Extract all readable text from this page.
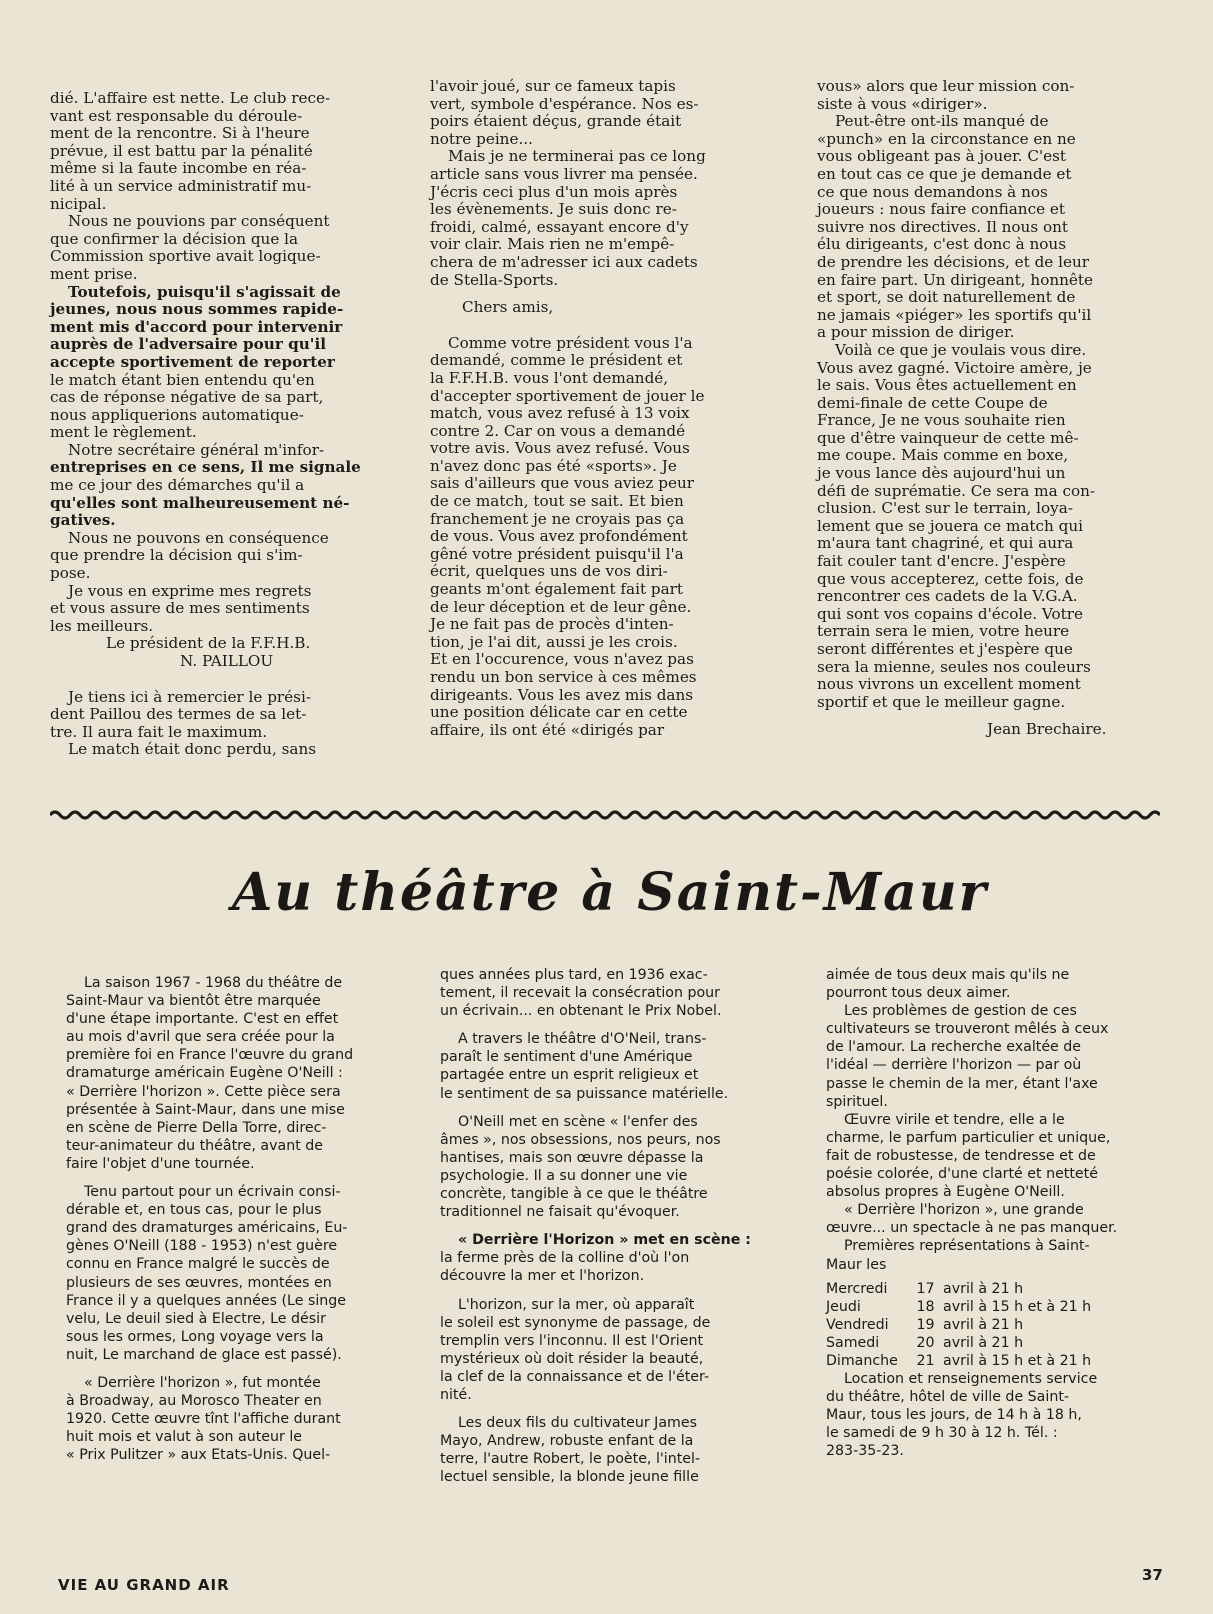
dié. L'affaire est nette. Le club rece-
vant est responsable du déroule-
ment de la rencontre. Si à l'heure
prévue, il est battu par la pénalité
même si la faute incombe en réa-
lité à un service administratif mu-
nicipal.
Nous ne pouvions par conséquent
que confirmer la décision que la
Commission sportive avait logique-
ment prise.
Toutefois, puisqu'il s'agissait de
jeunes, nous nous sommes rapide-
ment mis d'accord pour intervenir
auprès de l'adversaire pour qu'il
accepte sportivement de reporter
le match étant bien entendu qu'en
cas de réponse négative de sa part,
nous appliquerions automatique-
ment le règlement.
Notre secrétaire général m'infor-
entreprises en ce sens, Il me signale
me ce jour des démarches qu'il a
qu'elles sont malheureusement né-
gatives.
Nous ne pouvons en conséquence
que prendre la décision qui s'im-
pose.
Je vous en exprime mes regrets
et vous assure de mes sentiments
les meilleurs.
Le président de la F.F.H.B.
N. PAILLOU
Je tiens ici à remercier le prési-
dent Paillou des termes de sa let-
tre. Il aura fait le maximum.
Le match était donc perdu, sans
l'avoir joué, sur ce fameux tapis
vert, symbole d'espérance. Nos es-
poirs étaient déçus, grande était
notre peine...
Mais je ne terminerai pas ce long
article sans vous livrer ma pensée.
J'écris ceci plus d'un mois après
les évènements. Je suis donc re-
froidi, calmé, essayant encore d'y
voir clair. Mais rien ne m'empê-
chera de m'adresser ici aux cadets
de Stella-Sports.
Chers amis,
Comme votre président vous l'a
demandé, comme le président et
la F.F.H.B. vous l'ont demandé,
d'accepter sportivement de jouer le
match, vous avez refusé à 13 voix
contre 2. Car on vous a demandé
votre avis. Vous avez refusé. Vous
n'avez donc pas été «sports». Je
sais d'ailleurs que vous aviez peur
de ce match, tout se sait. Et bien
franchement je ne croyais pas ça
de vous. Vous avez profondément
gêné votre président puisqu'il l'a
écrit, quelques uns de vos diri-
geants m'ont également fait part
de leur déception et de leur gêne.
Je ne fait pas de procès d'inten-
tion, je l'ai dit, aussi je les crois.
Et en l'occurence, vous n'avez pas
rendu un bon service à ces mêmes
dirigeants. Vous les avez mis dans
une position délicate car en cette
affaire, ils ont été «dirigés par
vous» alors que leur mission con-
siste à vous «diriger».
Peut-être ont-ils manqué de
«punch» en la circonstance en ne
vous obligeant pas à jouer. C'est
en tout cas ce que je demande et
ce que nous demandons à nos
joueurs : nous faire confiance et
suivre nos directives. Il nous ont
élu dirigeants, c'est donc à nous
de prendre les décisions, et de leur
en faire part. Un dirigeant, honnête
et sport, se doit naturellement de
ne jamais «piéger» les sportifs qu'il
a pour mission de diriger.
Voilà ce que je voulais vous dire.
Vous avez gagné. Victoire amère, je
le sais. Vous êtes actuellement en
demi-finale de cette Coupe de
France, Je ne vous souhaite rien
que d'être vainqueur de cette mê-
me coupe. Mais comme en boxe,
je vous lance dès aujourd'hui un
défi de suprématie. Ce sera ma con-
clusion. C'est sur le terrain, loya-
lement que se jouera ce match qui
m'aura tant chagriné, et qui aura
fait couler tant d'encre. J'espère
que vous accepterez, cette fois, de
rencontrer ces cadets de la V.G.A.
qui sont vos copains d'école. Votre
terrain sera le mien, votre heure
seront différentes et j'espère que
sera la mienne, seules nos couleurs
nous vivrons un excellent moment
sportif et que le meilleur gagne.
Jean Brechaire.
Au théâtre à Saint-Maur
La saison 1967 - 1968 du théâtre de
Saint-Maur va bientôt être marquée
d'une étape importante. C'est en effet
au mois d'avril que sera créée pour la
première foi en France l'œuvre du grand
dramaturge américain Eugène O'Neill :
« Derrière l'horizon ». Cette pièce sera
présentée à Saint-Maur, dans une mise
en scène de Pierre Della Torre, direc-
teur-animateur du théâtre, avant de
faire l'objet d'une tournée.
Tenu partout pour un écrivain consi-
dérable et, en tous cas, pour le plus
grand des dramaturges américains, Eu-
gènes O'Neill (188 - 1953) n'est guère
connu en France malgré le succès de
plusieurs de ses œuvres, montées en
France il y a quelques années (Le singe
velu, Le deuil sied à Electre, Le désir
sous les ormes, Long voyage vers la
nuit, Le marchand de glace est passé).
« Derrière l'horizon », fut montée
à Broadway, au Morosco Theater en
1920. Cette œuvre tînt l'affiche durant
huit mois et valut à son auteur le
« Prix Pulitzer » aux Etats-Unis. Quel-
ques années plus tard, en 1936 exac-
tement, il recevait la consécration pour
un écrivain... en obtenant le Prix Nobel.
A travers le théâtre d'O'Neil, trans-
paraît le sentiment d'une Amérique
partagée entre un esprit religieux et
le sentiment de sa puissance matérielle.
O'Neill met en scène « l'enfer des
âmes », nos obsessions, nos peurs, nos
hantises, mais son œuvre dépasse la
psychologie. Il a su donner une vie
concrète, tangible à ce que le théâtre
traditionnel ne faisait qu'évoquer.
« Derrière l'Horizon » met en scène :
la ferme près de la colline d'où l'on
découvre la mer et l'horizon.
L'horizon, sur la mer, où apparaît
le soleil est synonyme de passage, de
tremplin vers l'inconnu. Il est l'Orient
mystérieux où doit résider la beauté,
la clef de la connaissance et de l'éter-
nité.
Les deux fils du cultivateur James
Mayo, Andrew, robuste enfant de la
terre, l'autre Robert, le poète, l'intel-
lectuel sensible, la blonde jeune fille
aimée de tous deux mais qu'ils ne
pourront tous deux aimer.
Les problèmes de gestion de ces
cultivateurs se trouveront mêlés à ceux
de l'amour. La recherche exaltée de
l'idéal — derrière l'horizon — par où
passe le chemin de la mer, étant l'axe
spirituel.
Œuvre virile et tendre, elle a le
charme, le parfum particulier et unique,
fait de robustesse, de tendresse et de
poésie colorée, d'une clarté et netteté
absolus propres à Eugène O'Neill.
« Derrière l'horizon », une grande
œuvre... un spectacle à ne pas manquer.
Premières représentations à Saint-
Maur les
Mercredi 17 avril à 21 h
Jeudi	18 avril à 15 h et à 21 h
Vendredi 19 avril à 21 h
Samedi	20 avril à 21 h
Dimanche 21 avril à 15 h et à 21 h
Location et renseignements service
du théâtre, hôtel de ville de Saint-
Maur, tous les jours, de 14 h à 18 h,
le samedi de 9 h 30 à 12 h. Tél. :
283-35-23.
VIE AU GRAND AIR
37
